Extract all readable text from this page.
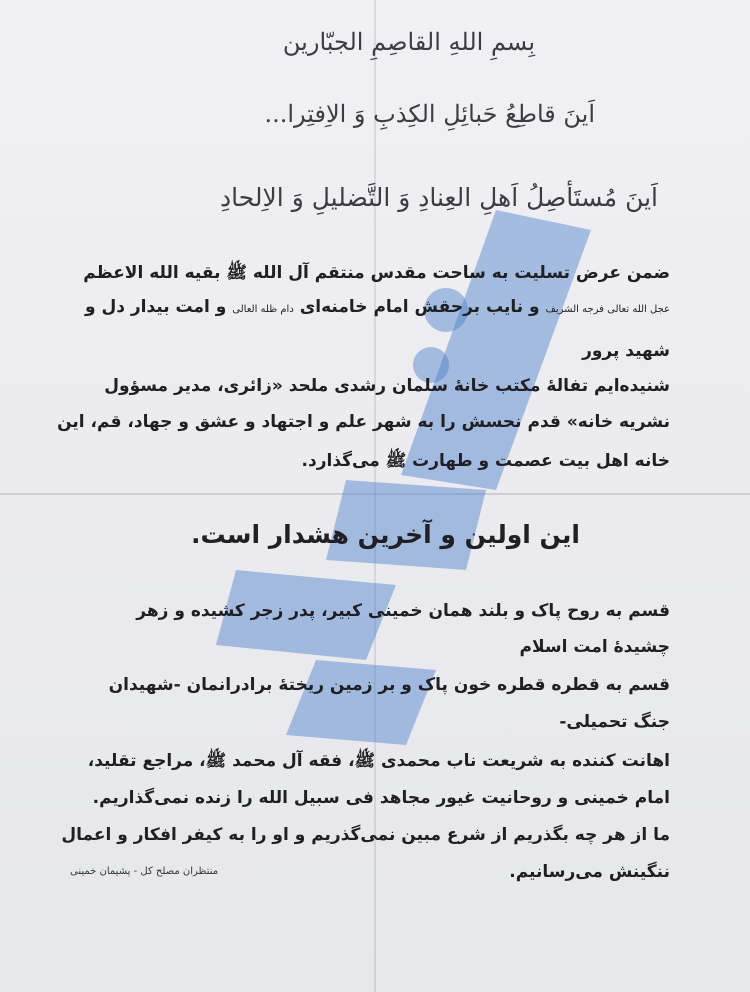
بِسمِ اللهِ القاصِمِ الجبّارین
اَینَ قاطِعُ حَبائِلِ الکِذبِ وَ الاِفتِرا...
اَینَ مُستَأصِلُ اَهلِ العِنادِ وَ التَّضلیلِ وَ الاِلحادِ
ضمن عرض تسلیت به ساحت مقدس منتقم آل الله ﷺ بقیه الله الاعظم
عجل الله تعالی فرجه الشریف و نایب برحقش امام خامنه‌ای دام ظله العالی و امت بیدار دل و
شهید پرور
شنیده‌ایم تفالهٔ مکتب خانهٔ سلمان رشدی ملحد «زائری، مدیر مسؤول
نشریه خانه» قدم نحسش را به شهر علم و اجتهاد و عشق و جهاد، قم، این
خانه اهل بیت عصمت و طهارت ﷺ می‌گذارد.
این اولین و آخرین هشدار است.
قسم به روح پاک و بلند همان خمینی کبیر، پدر زجر کشیده و زهر
چشیدهٔ امت اسلام
قسم به قطره قطره خون پاک و بر زمین ریختهٔ برادرانمان -شهیدان
جنگ تحمیلی-
اهانت کننده به شریعت ناب محمدی ﷺ، فقه آل محمد ﷺ، مراجع تقلید،
امام خمینی و روحانیت غیور مجاهد فی سبیل الله را زنده نمی‌گذاریم.
ما از هر چه بگذریم از شرع مبین نمی‌گذریم و او را به کیفر افکار و اعمال
ننگینش می‌رسانیم.
منتظران مصلح کل - پشیمان خمینی
